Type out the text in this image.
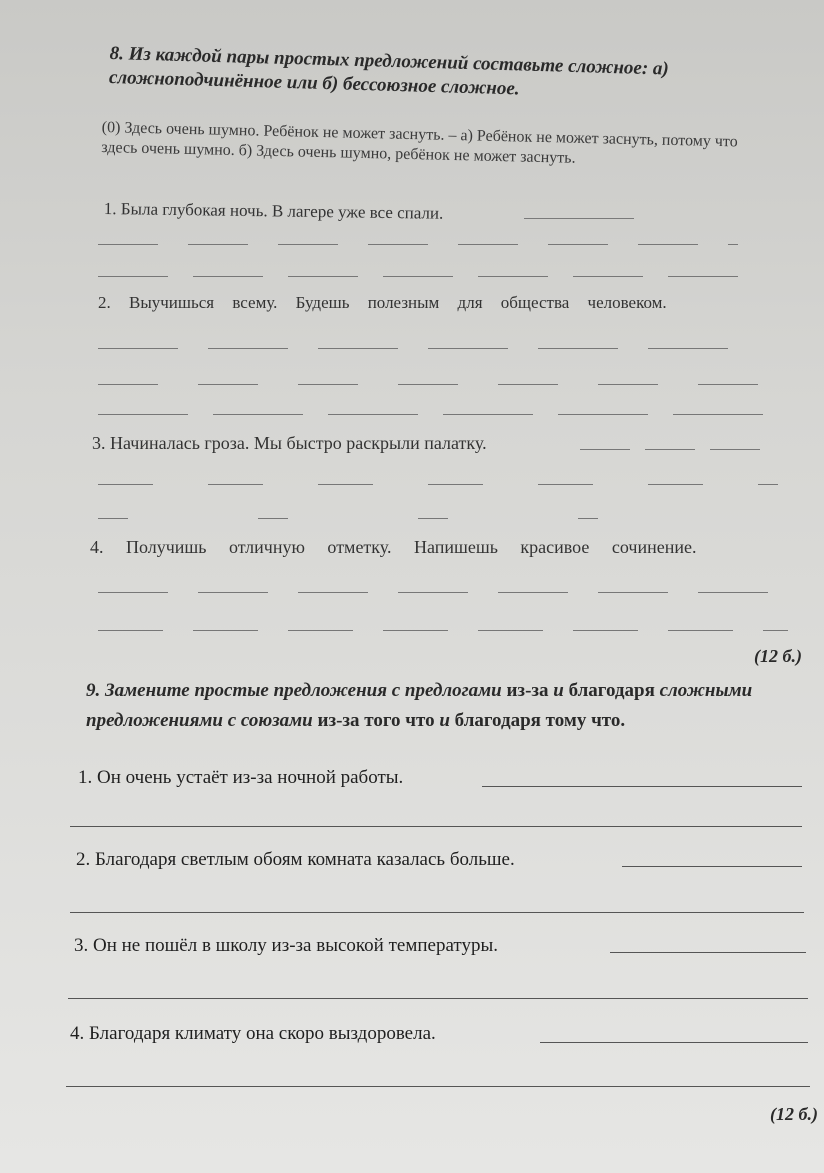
8. Из каждой пары простых предложений составьте сложное: а) сложноподчинённое или б) бессоюзное сложное.
(0) Здесь очень шумно. Ребёнок не может заснуть. – а) Ребёнок не может заснуть, потому что здесь очень шумно. б) Здесь очень шумно, ребёнок не может заснуть.
1. Была глубокая ночь. В лагере уже все спали.
2. Выучишься всему. Будешь полезным для общества человеком.
3. Начиналась гроза. Мы быстро раскрыли палатку.
4. Получишь отличную отметку. Напишешь красивое сочинение.
(12 б.)
9. Замените простые предложения с предлогами из-за и благодаря сложными предложениями с союзами из-за того что и благодаря тому что.
1. Он очень устаёт из-за ночной работы.
2. Благодаря светлым обоям комната казалась больше.
3. Он не пошёл в школу из-за высокой температуры.
4. Благодаря климату она скоро выздоровела.
(12 б.)
